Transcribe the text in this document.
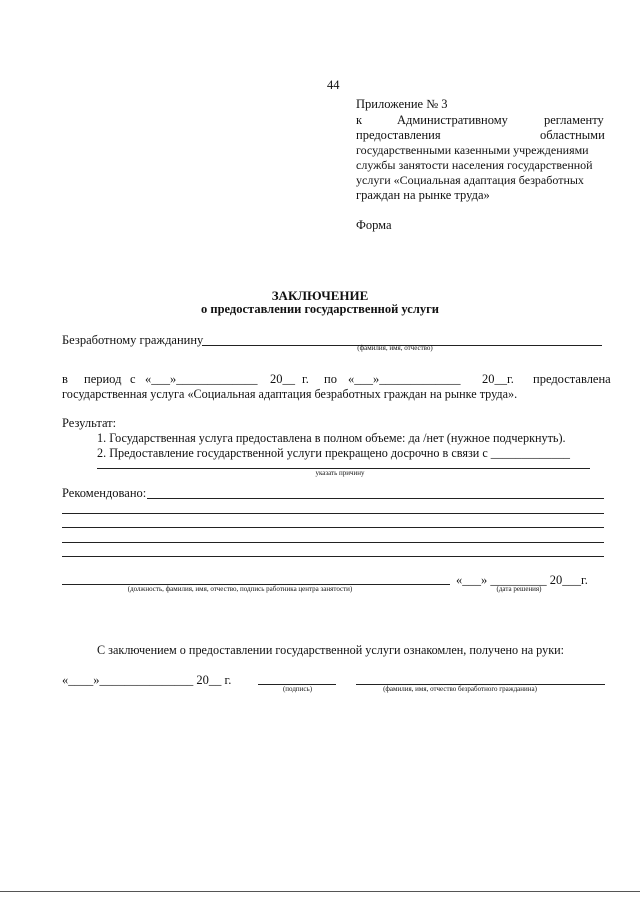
44
Приложение № 3
к	Административному	регламенту
предоставления	областными
государственными казенными учреждениями
службы занятости населения государственной
услуги «Социальная адаптация безработных
граждан на рынке труда»
Форма
ЗАКЛЮЧЕНИЕ
о предоставлении государственной услуги
Безработному гражданину
(фамилия, имя, отчество)
в период с «___»_____________ 20__ г. по «___»_____________ 20__г. предоставлена
государственная услуга «Социальная адаптация безработных граждан на рынке труда».
Результат:
1. Государственная услуга предоставлена в полном объеме: да /нет (нужное подчеркнуть).
2. Предоставление государственной услуги прекращено досрочно в связи с _____________
указать причину
Рекомендовано:
«___» _________ 20___г.
(должность, фамилия, имя, отчество, подпись работника центра занятости)	(дата решения)
С заключением о предоставлении государственной услуги ознакомлен, получено на руки:
«____»_______________ 20__ г.
(подпись)	(фамилия, имя, отчество безработного гражданина)
